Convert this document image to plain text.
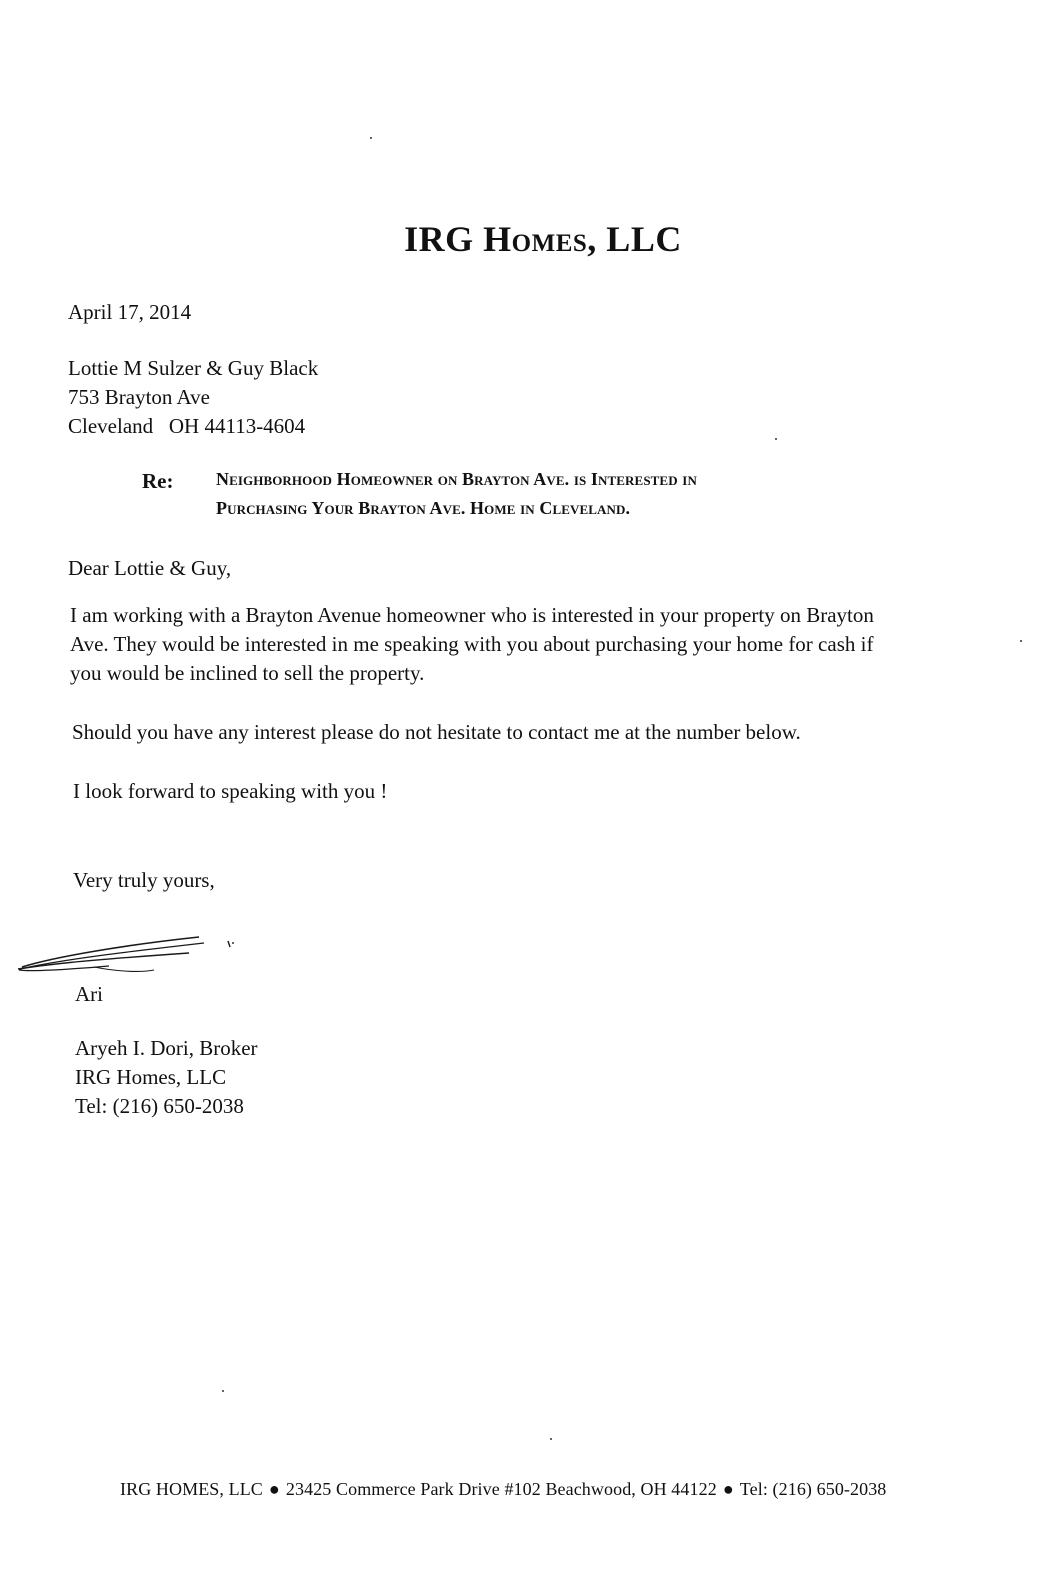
IRG Homes, LLC
April 17, 2014
Lottie M Sulzer & Guy Black
753 Brayton Ave
Cleveland   OH 44113-4604
Re: Neighborhood Homeowner on Brayton Ave. is Interested in
Purchasing Your Brayton Ave. Home in Cleveland.
Dear Lottie & Guy,
I am working with a Brayton Avenue homeowner who is interested in your property on Brayton
Ave. They would be interested in me speaking with you about purchasing your home for cash if
you would be inclined to sell the property.
Should you have any interest please do not hesitate to contact me at the number below.
I look forward to speaking with you !
Very truly yours,
Ari
Aryeh I. Dori, Broker
IRG Homes, LLC
Tel: (216) 650-2038
IRG HOMES, LLC ● 23425 Commerce Park Drive #102 Beachwood, OH 44122 ● Tel: (216) 650-2038
